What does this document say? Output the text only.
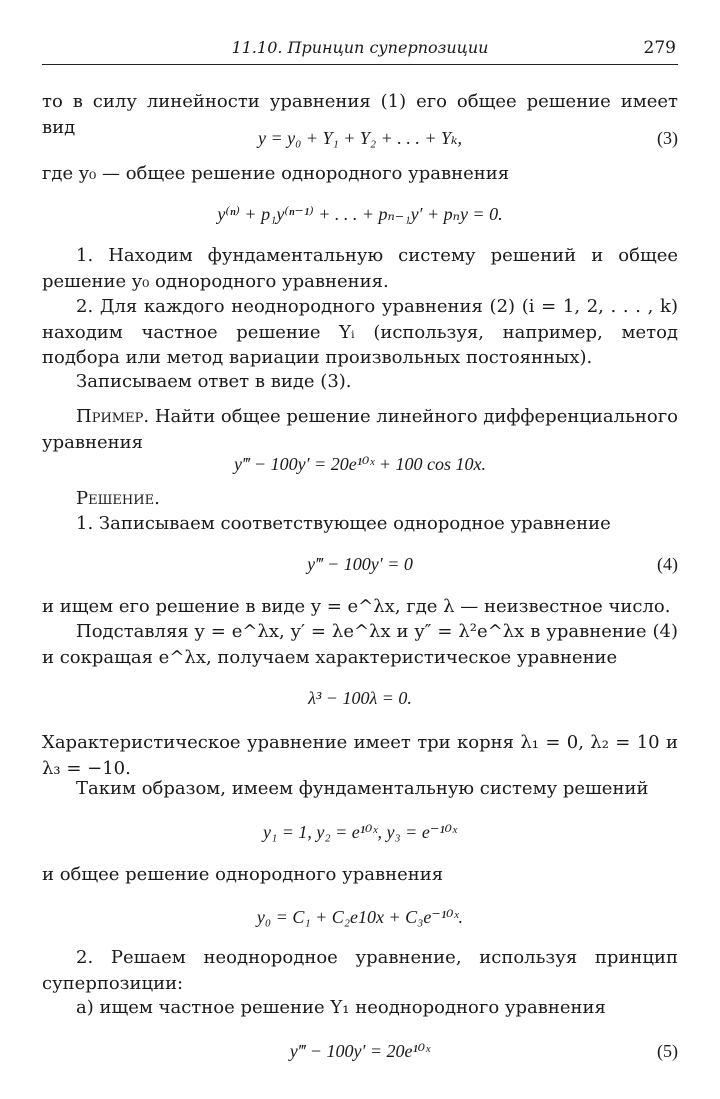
11.10. Принцип суперпозиции	279

то в силу линейности уравнения (1) его общее решение имеет вид

y = y₀ + Y₁ + Y₂ + . . . + Yₖ,	(3)

где y₀ — общее решение однородного уравнения

y⁽ⁿ⁾ + p₁y⁽ⁿ⁻¹⁾ + . . . + pₙ₋₁y′ + pₙy = 0.

1. Находим фундаментальную систему решений и общее решение y₀ однородного уравнения.

2. Для каждого неоднородного уравнения (2) (i = 1, 2, . . . , k) находим частное решение Yᵢ (используя, например, метод подбора или метод вариации произвольных постоянных).

Записываем ответ в виде (3).

Пример. Найти общее решение линейного дифференциального уравнения

y‴ − 100y′ = 20e¹⁰ˣ + 100 cos 10x.

Решение.

1. Записываем соответствующее однородное уравнение

y‴ − 100y′ = 0	(4)

и ищем его решение в виде y = e^λx, где λ — неизвестное число.

Подставляя y = e^λx, y′ = λe^λx и y″ = λ²e^λx в уравнение (4) и сокращая e^λx, получаем характеристическое уравнение

λ³ − 100λ = 0.

Характеристическое уравнение имеет три корня λ₁ = 0, λ₂ = 10 и λ₃ = −10.

Таким образом, имеем фундаментальную систему решений

y₁ = 1, y₂ = e¹⁰ˣ, y₃ = e⁻¹⁰ˣ

и общее решение однородного уравнения

y₀ = C₁ + C₂e10x + C₃e⁻¹⁰ˣ.

2. Решаем неоднородное уравнение, используя принцип суперпозиции:

а) ищем частное решение Y₁ неоднородного уравнения

y‴ − 100y′ = 20e¹⁰ˣ	(5)
